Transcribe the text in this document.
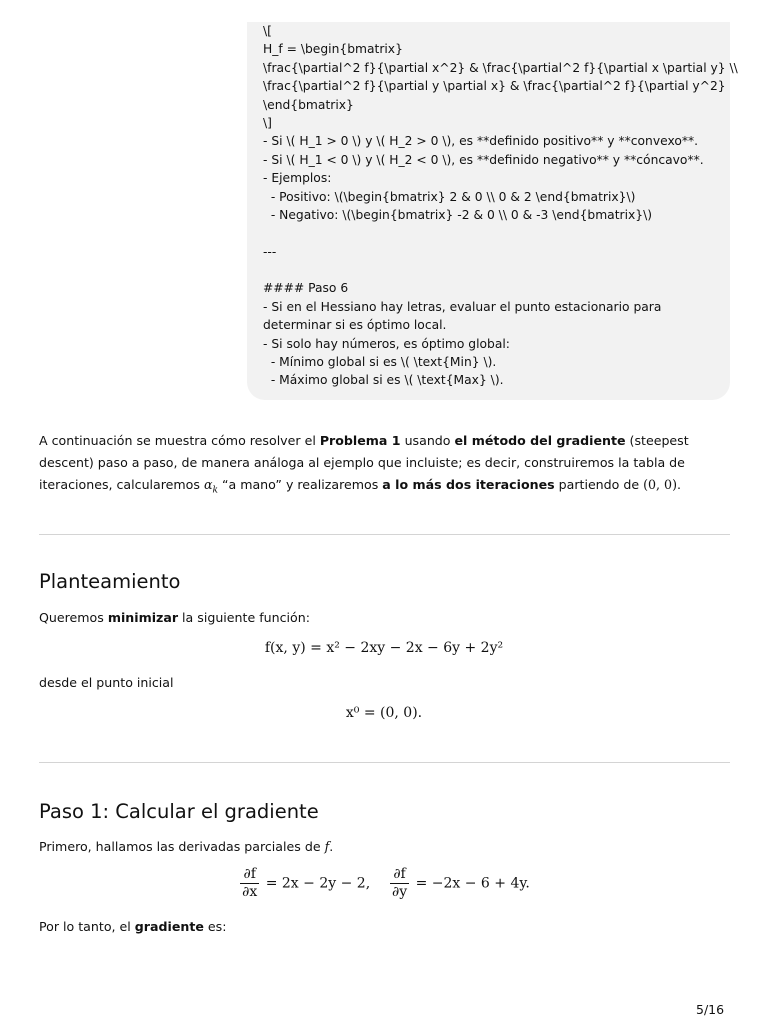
\[
H_f = \begin{bmatrix}
\frac{\partial^2 f}{\partial x^2} & \frac{\partial^2 f}{\partial x \partial y} \\
\frac{\partial^2 f}{\partial y \partial x} & \frac{\partial^2 f}{\partial y^2}
\end{bmatrix}
\]
- Si \( H_1 > 0 \) y \( H_2 > 0 \), es **definido positivo** y **convexo**.
- Si \( H_1 < 0 \) y \( H_2 < 0 \), es **definido negativo** y **cóncavo**.
- Ejemplos:
- Positivo: \(\begin{bmatrix} 2 & 0 \\ 0 & 2 \end{bmatrix}\)
- Negativo: \(\begin{bmatrix} -2 & 0 \\ 0 & -3 \end{bmatrix}\)
---
#### Paso 6
- Si en el Hessiano hay letras, evaluar el punto estacionario para
determinar si es óptimo local.
- Si solo hay números, es óptimo global:
- Mínimo global si es \( \text{Min} \).
- Máximo global si es \( \text{Max} \).
A continuación se muestra cómo resolver el Problema 1 usando el método del gradiente (steepest descent) paso a paso, de manera análoga al ejemplo que incluiste; es decir, construiremos la tabla de iteraciones, calcularemos $\alpha_k$ “a mano” y realizaremos a lo más dos iteraciones partiendo de (0, 0).
Planteamiento
Queremos minimizar la siguiente función:
f(x, y) = x² − 2xy − 2x − 6y + 2y²
desde el punto inicial
x⁰ = (0, 0).
Paso 1: Calcular el gradiente
Primero, hallamos las derivadas parciales de f.
$\frac{\partial f}{\partial x} = 2x - 2y - 2$, $\frac{\partial f}{\partial y} = -2x - 6 + 4y$.
Por lo tanto, el gradiente es:
5/16
